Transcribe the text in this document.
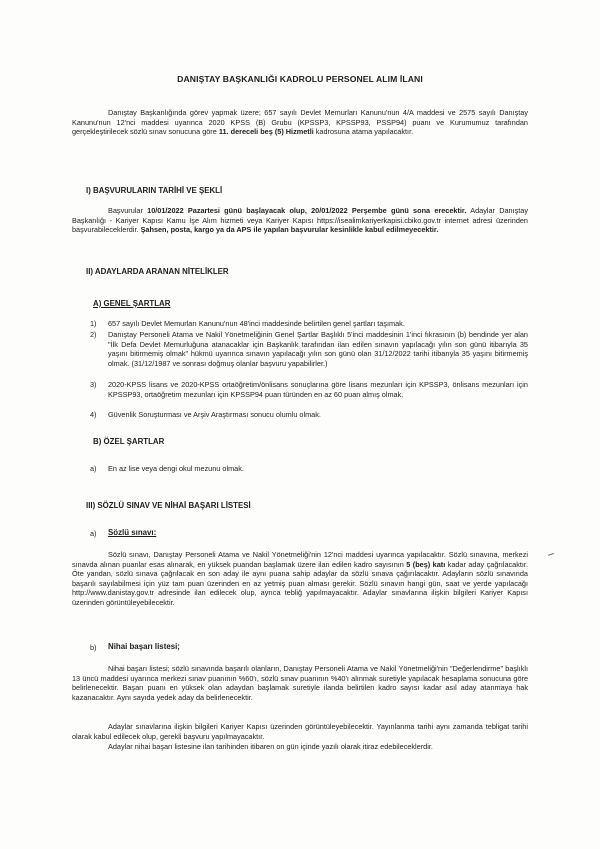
DANIŞTAY BAŞKANLIĞI KADROLU PERSONEL ALIM İLANI
Danıştay Başkanlığında görev yapmak üzere; 657 sayılı Devlet Memurları Kanunu'nun 4/A maddesi ve 2575 sayılı Danıştay Kanunu'nun 12'nci maddesi uyarınca 2020 KPSS (B) Grubu (KPSSP3, KPSSP93, PSSP94) puanı ve Kurumumuz tarafından gerçekleştirilecek sözlü sınav sonucuna göre 11. dereceli beş (5) Hizmetli kadrosuna atama yapılacaktır.
I) BAŞVURULARIN TARİHİ VE ŞEKLİ
Başvurular 10/01/2022 Pazartesi günü başlayacak olup, 20/01/2022 Perşembe günü sona erecektir. Adaylar Danıştay Başkanlığı - Kariyer Kapısı Kamu İşe Alım hizmeti veya Kariyer Kapısı https://isealimkariyerkapisi.cbiko.gov.tr internet adresi üzerinden başvurabileceklerdir. Şahsen, posta, kargo ya da APS ile yapılan başvurular kesinlikle kabul edilmeyecektir.
II) ADAYLARDA ARANAN NİTELİKLER
A) GENEL ŞARTLAR
1) 657 sayılı Devlet Memurları Kanunu'nun 48'inci maddesinde belirtilen genel şartları taşımak.
2) Danıştay Personeli Atama ve Nakil Yönetmeliğinin Genel Şartlar Başlıklı 5'inci maddesinin 1'inci fıkrasının (b) bendinde yer alan "İlk Defa Devlet Memurluğuna atanacaklar için Başkanlık tarafından ilan edilen sınavın yapılacağı yılın son günü itibarıyla 35 yaşını bitirmemiş olmak" hükmü uyarınca sınavın yapılacağı yılın son günü olan 31/12/2022 tarihi itibarıyla 35 yaşını bitirmemiş olmak. (31/12/1987 ve sonrası doğmuş olanlar başvuru yapabilirler.)
3) 2020-KPSS lisans ve 2020-KPSS ortaöğretim/önlisans sonuçlarına göre lisans mezunları için KPSSP3, önlisans mezunları için KPSSP93, ortaöğretim mezunları için KPSSP94 puan türünden en az 60 puan almış olmak.
4) Güvenlik Soruşturması ve Arşiv Araştırması sonucu olumlu olmak.
B) ÖZEL ŞARTLAR
a) En az lise veya dengi okul mezunu olmak.
III) SÖZLÜ SINAV VE NİHAİ BAŞARI LİSTESİ
a) Sözlü sınavı:
Sözlü sınavı, Danıştay Personeli Atama ve Nakil Yönetmeliği'nin 12'nci maddesi uyarınca yapılacaktır. Sözlü sınavına, merkezi sınavda alınan puanlar esas alınarak, en yüksek puandan başlamak üzere ilan edilen kadro sayısının 5 (beş) katı kadar aday çağrılacaktır. Öte yandan, sözlü sınava çağrılacak en son aday ile aynı puana sahip adaylar da sözlü sınava çağırılacaktır. Adayların sözlü sınavında başarılı sayılabilmesi için yüz tam puan üzerinden en az yetmiş puan alması gerekir. Sözlü sınavın hangi gün, saat ve yerde yapılacağı http://www.danistay.gov.tr adresinde ilan edilecek olup, ayrıca tebliğ yapılmayacaktır. Adaylar sınavlarına ilişkin bilgileri Kariyer Kapısı üzerinden görüntüleyebilecektir.
b) Nihai başarı listesi;
Nihai başarı listesi; sözlü sınavında başarılı olanların, Danıştay Personeli Atama ve Nakil Yönetmeliği'nin "Değerlendirme" başlıklı 13 üncü maddesi uyarınca merkezi sınav puanının %60'ı, sözlü sınav puanının %40'ı alınmak suretiyle yapılacak hesaplama sonucuna göre belirlenecektir. Başarı puanı en yüksek olan adaydan başlamak suretiyle ilanda belirtilen kadro sayısı kadar asıl aday atanmaya hak kazanacaktır. Aynı sayıda yedek aday da belirlenecektir.
Adaylar sınavlarına ilişkin bilgileri Kariyer Kapısı üzerinden görüntüleyebilecektir. Yayınlanma tarihi aynı zamanda tebligat tarihi olarak kabul edilecek olup, gerekli başvuru yapılmayacaktır.
Adaylar nihai başarı listesine ilan tarihinden itibaren on gün içinde yazılı olarak itiraz edebileceklerdir.
